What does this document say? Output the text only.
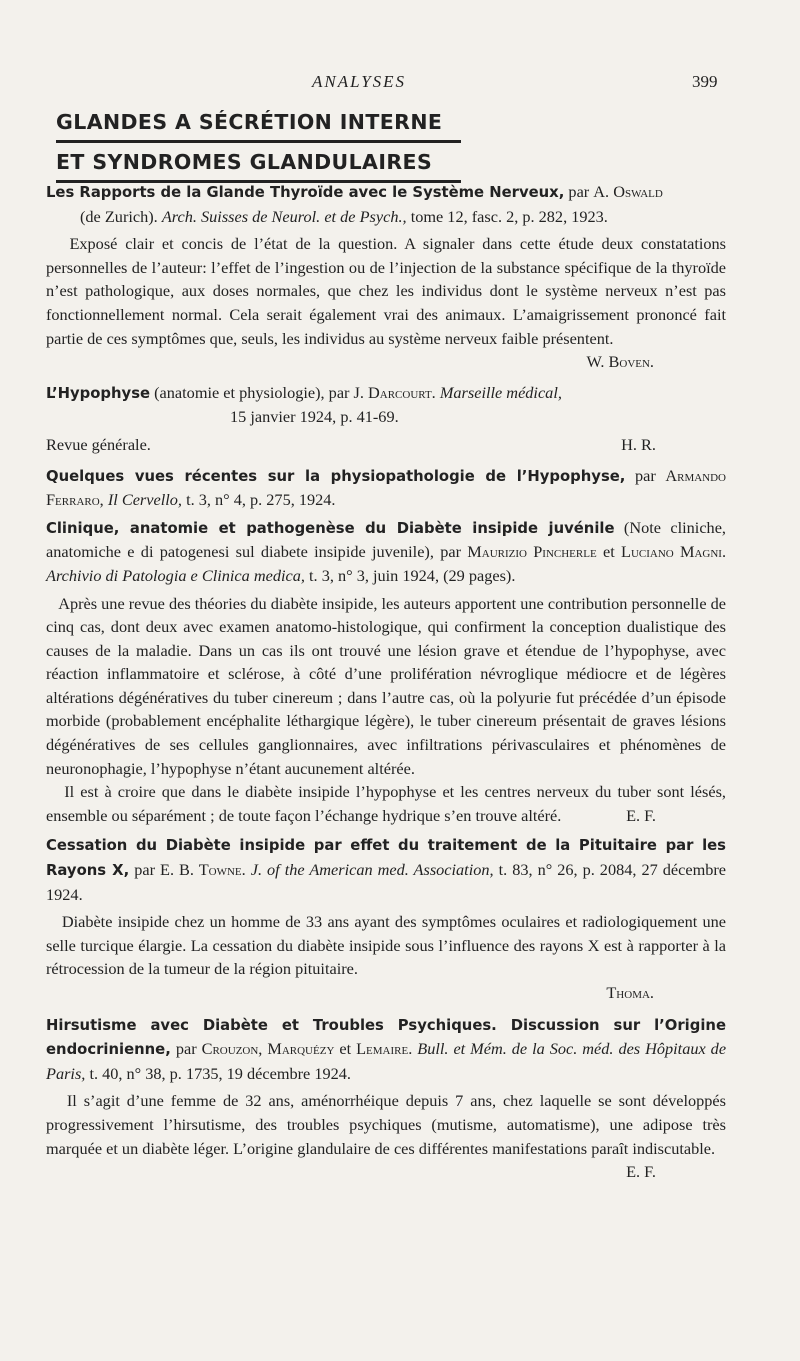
ANALYSES	399
GLANDES A SÉCRÉTION INTERNE
ET SYNDROMES GLANDULAIRES

Les Rapports de la Glande Thyroïde avec le Système Nerveux, par A. Oswald
(de Zurich). Arch. Suisses de Neurol. et de Psych., tome 12, fasc. 2, p. 282, 1923.

Exposé clair et concis de l’état de la question. A signaler dans cette étude deux constatations personnelles de l’auteur: l’effet de l’ingestion ou de l’injection de la substance spécifique de la thyroïde n’est pathologique, aux doses normales, que chez les individus dont le système nerveux n’est pas fonctionnellement normal. Cela serait également vrai des animaux. L’amaigrissement prononcé fait partie de ces symptômes que, seuls, les individus au système nerveux faible présentent.

W. Boven.

L’Hypophyse (anatomie et physiologie), par J. Darcourt. Marseille médical,
15 janvier 1924, p. 41-69.

Revue générale.	H. R.

Quelques vues récentes sur la physiopathologie de l’Hypophyse, par Armando Ferraro, Il Cervello, t. 3, n° 4, p. 275, 1924.

Clinique, anatomie et pathogenèse du Diabète insipide juvénile (Note cliniche, anatomiche e di patogenesi sul diabete insipide juvenile), par Maurizio Pincherle et Luciano Magni. Archivio di Patologia e Clinica medica, t. 3, n° 3, juin 1924, (29 pages).

Après une revue des théories du diabète insipide, les auteurs apportent une contribution personnelle de cinq cas, dont deux avec examen anatomo-histologique, qui confirment la conception dualistique des causes de la maladie. Dans un cas ils ont trouvé une lésion grave et étendue de l’hypophyse, avec réaction inflammatoire et sclérose, à côté d’une prolifération névroglique médiocre et de légères altérations dégénératives du tuber cinereum ; dans l’autre cas, où la polyurie fut précédée d’un épisode morbide (probablement encéphalite léthargique légère), le tuber cinereum présentait de graves lésions dégénératives de ses cellules ganglionnaires, avec infiltrations périvasculaires et phénomènes de neuronophagie, l’hypophyse n’étant aucunement altérée.

Il est à croire que dans le diabète insipide l’hypophyse et les centres nerveux du tuber sont lésés, ensemble ou séparément ; de toute façon l’échange hydrique s’en trouve altéré.	E. F.

Cessation du Diabète insipide par effet du traitement de la Pituitaire par les Rayons X, par E. B. Towne. J. of the American med. Association, t. 83, n° 26, p. 2084, 27 décembre 1924.

Diabète insipide chez un homme de 33 ans ayant des symptômes oculaires et radiologiquement une selle turcique élargie. La cessation du diabète insipide sous l’influence des rayons X est à rapporter à la rétrocession de la tumeur de la région pituitaire.

Thoma.

Hirsutisme avec Diabète et Troubles Psychiques. Discussion sur l’Origine endocrinienne, par Crouzon, Marquézy et Lemaire. Bull. et Mém. de la Soc. méd. des Hôpitaux de Paris, t. 40, n° 38, p. 1735, 19 décembre 1924.

Il s’agit d’une femme de 32 ans, aménorrhéique depuis 7 ans, chez laquelle se sont développés progressivement l’hirsutisme, des troubles psychiques (mutisme, automatisme), une adipose très marquée et un diabète léger. L’origine glandulaire de ces différentes manifestations paraît indiscutable.
E. F.
